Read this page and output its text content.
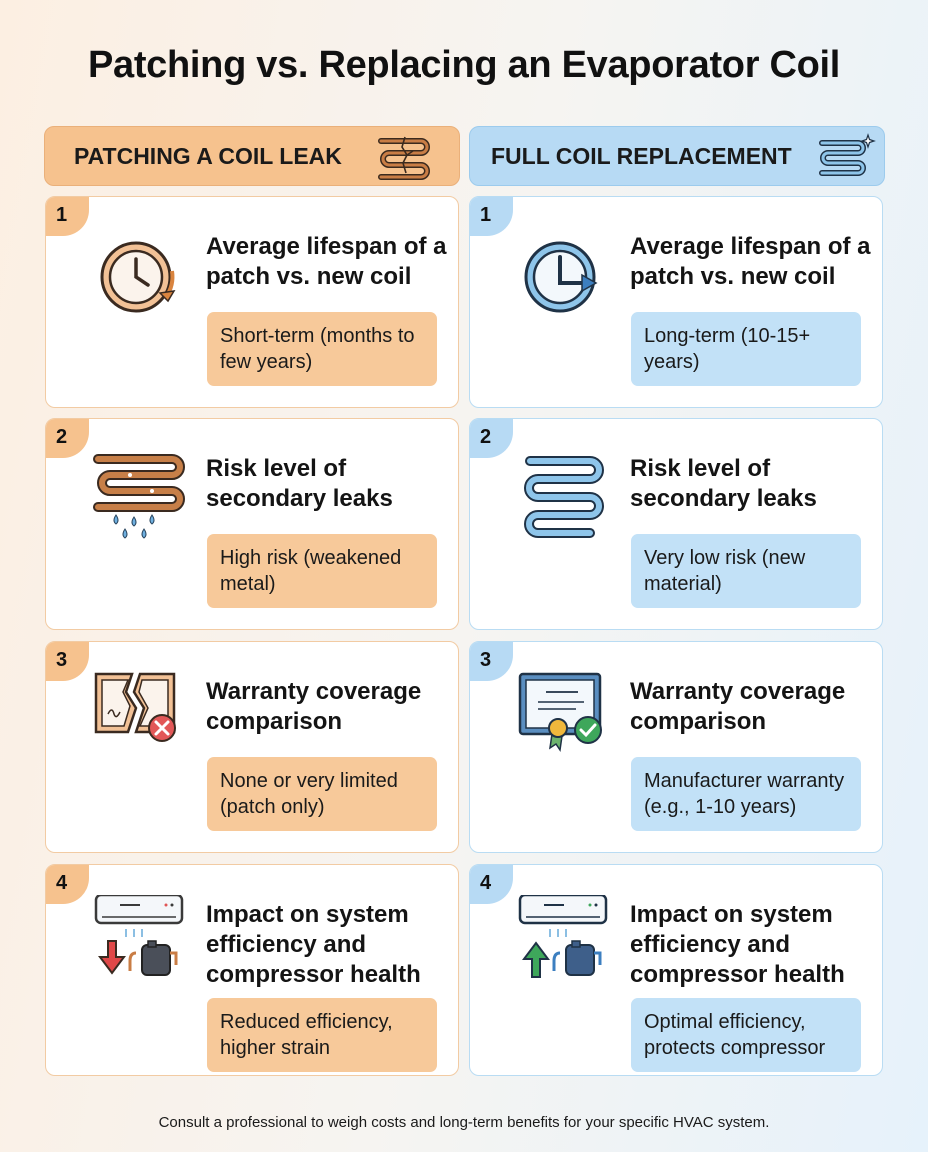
Patching vs. Replacing an Evaporator Coil
PATCHING A COIL LEAK	FULL COIL REPLACEMENT
1
Average lifespan of a patch vs. new coil
Short-term (months to few years)
2
Risk level of secondary leaks
High risk (weakened metal)
3
Warranty coverage comparison
None or very limited (patch only)
4
Impact on system efficiency and compressor health
Reduced efficiency, higher strain
1
Average lifespan of a patch vs. new coil
Long-term (10-15+ years)
2
Risk level of secondary leaks
Very low risk (new material)
3
Warranty coverage comparison
Manufacturer warranty (e.g., 1-10 years)
4
Impact on system efficiency and compressor health
Optimal efficiency, protects compressor
Consult a professional to weigh costs and long-term benefits for your specific HVAC system.
